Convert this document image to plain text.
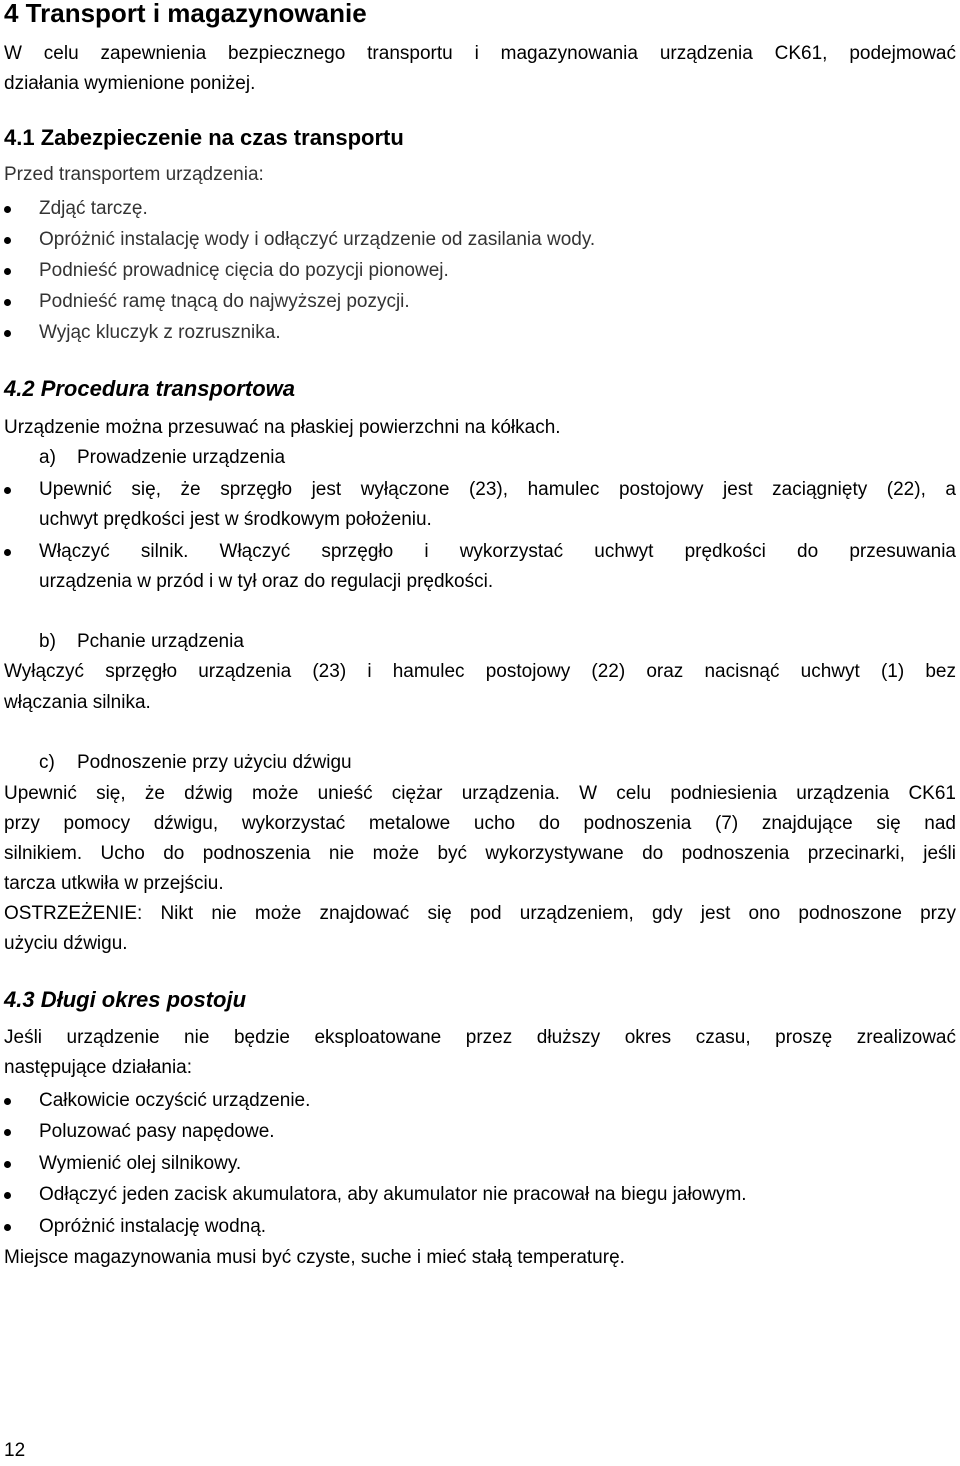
4 Transport i magazynowanie
W celu zapewnienia bezpiecznego transportu i magazynowania urządzenia CK61, podejmować
działania wymienione poniżej.
4.1 Zabezpieczenie na czas transportu
Przed transportem urządzenia:
Zdjąć tarczę.
Opróżnić instalację wody i odłączyć urządzenie od zasilania wody.
Podnieść prowadnicę cięcia do pozycji pionowej.
Podnieść ramę tnącą do najwyższej pozycji.
Wyjąc kluczyk z rozrusznika.
4.2 Procedura transportowa
Urządzenie można przesuwać na płaskiej powierzchni na kółkach.
a) Prowadzenie urządzenia
Upewnić się, że sprzęgło jest wyłączone (23), hamulec postojowy jest zaciągnięty (22), a
uchwyt prędkości jest w środkowym położeniu.
Włączyć silnik. Włączyć sprzęgło i wykorzystać uchwyt prędkości do przesuwania
urządzenia w przód i w tył oraz do regulacji prędkości.
b) Pchanie urządzenia
Wyłączyć sprzęgło urządzenia (23) i hamulec postojowy (22) oraz nacisnąć uchwyt (1) bez
włączania silnika.
c) Podnoszenie przy użyciu dźwigu
Upewnić się, że dźwig może unieść ciężar urządzenia. W celu podniesienia urządzenia CK61
przy pomocy dźwigu, wykorzystać metalowe ucho do podnoszenia (7) znajdujące się nad
silnikiem. Ucho do podnoszenia nie może być wykorzystywane do podnoszenia przecinarki, jeśli
tarcza utkwiła w przejściu.
OSTRZEŻENIE: Nikt nie może znajdować się pod urządzeniem, gdy jest ono podnoszone przy
użyciu dźwigu.
4.3 Długi okres postoju
Jeśli urządzenie nie będzie eksploatowane przez dłuższy okres czasu, proszę zrealizować
następujące działania:
Całkowicie oczyścić urządzenie.
Poluzować pasy napędowe.
Wymienić olej silnikowy.
Odłączyć jeden zacisk akumulatora, aby akumulator nie pracował na biegu jałowym.
Opróżnić instalację wodną.
Miejsce magazynowania musi być czyste, suche i mieć stałą temperaturę.
12
